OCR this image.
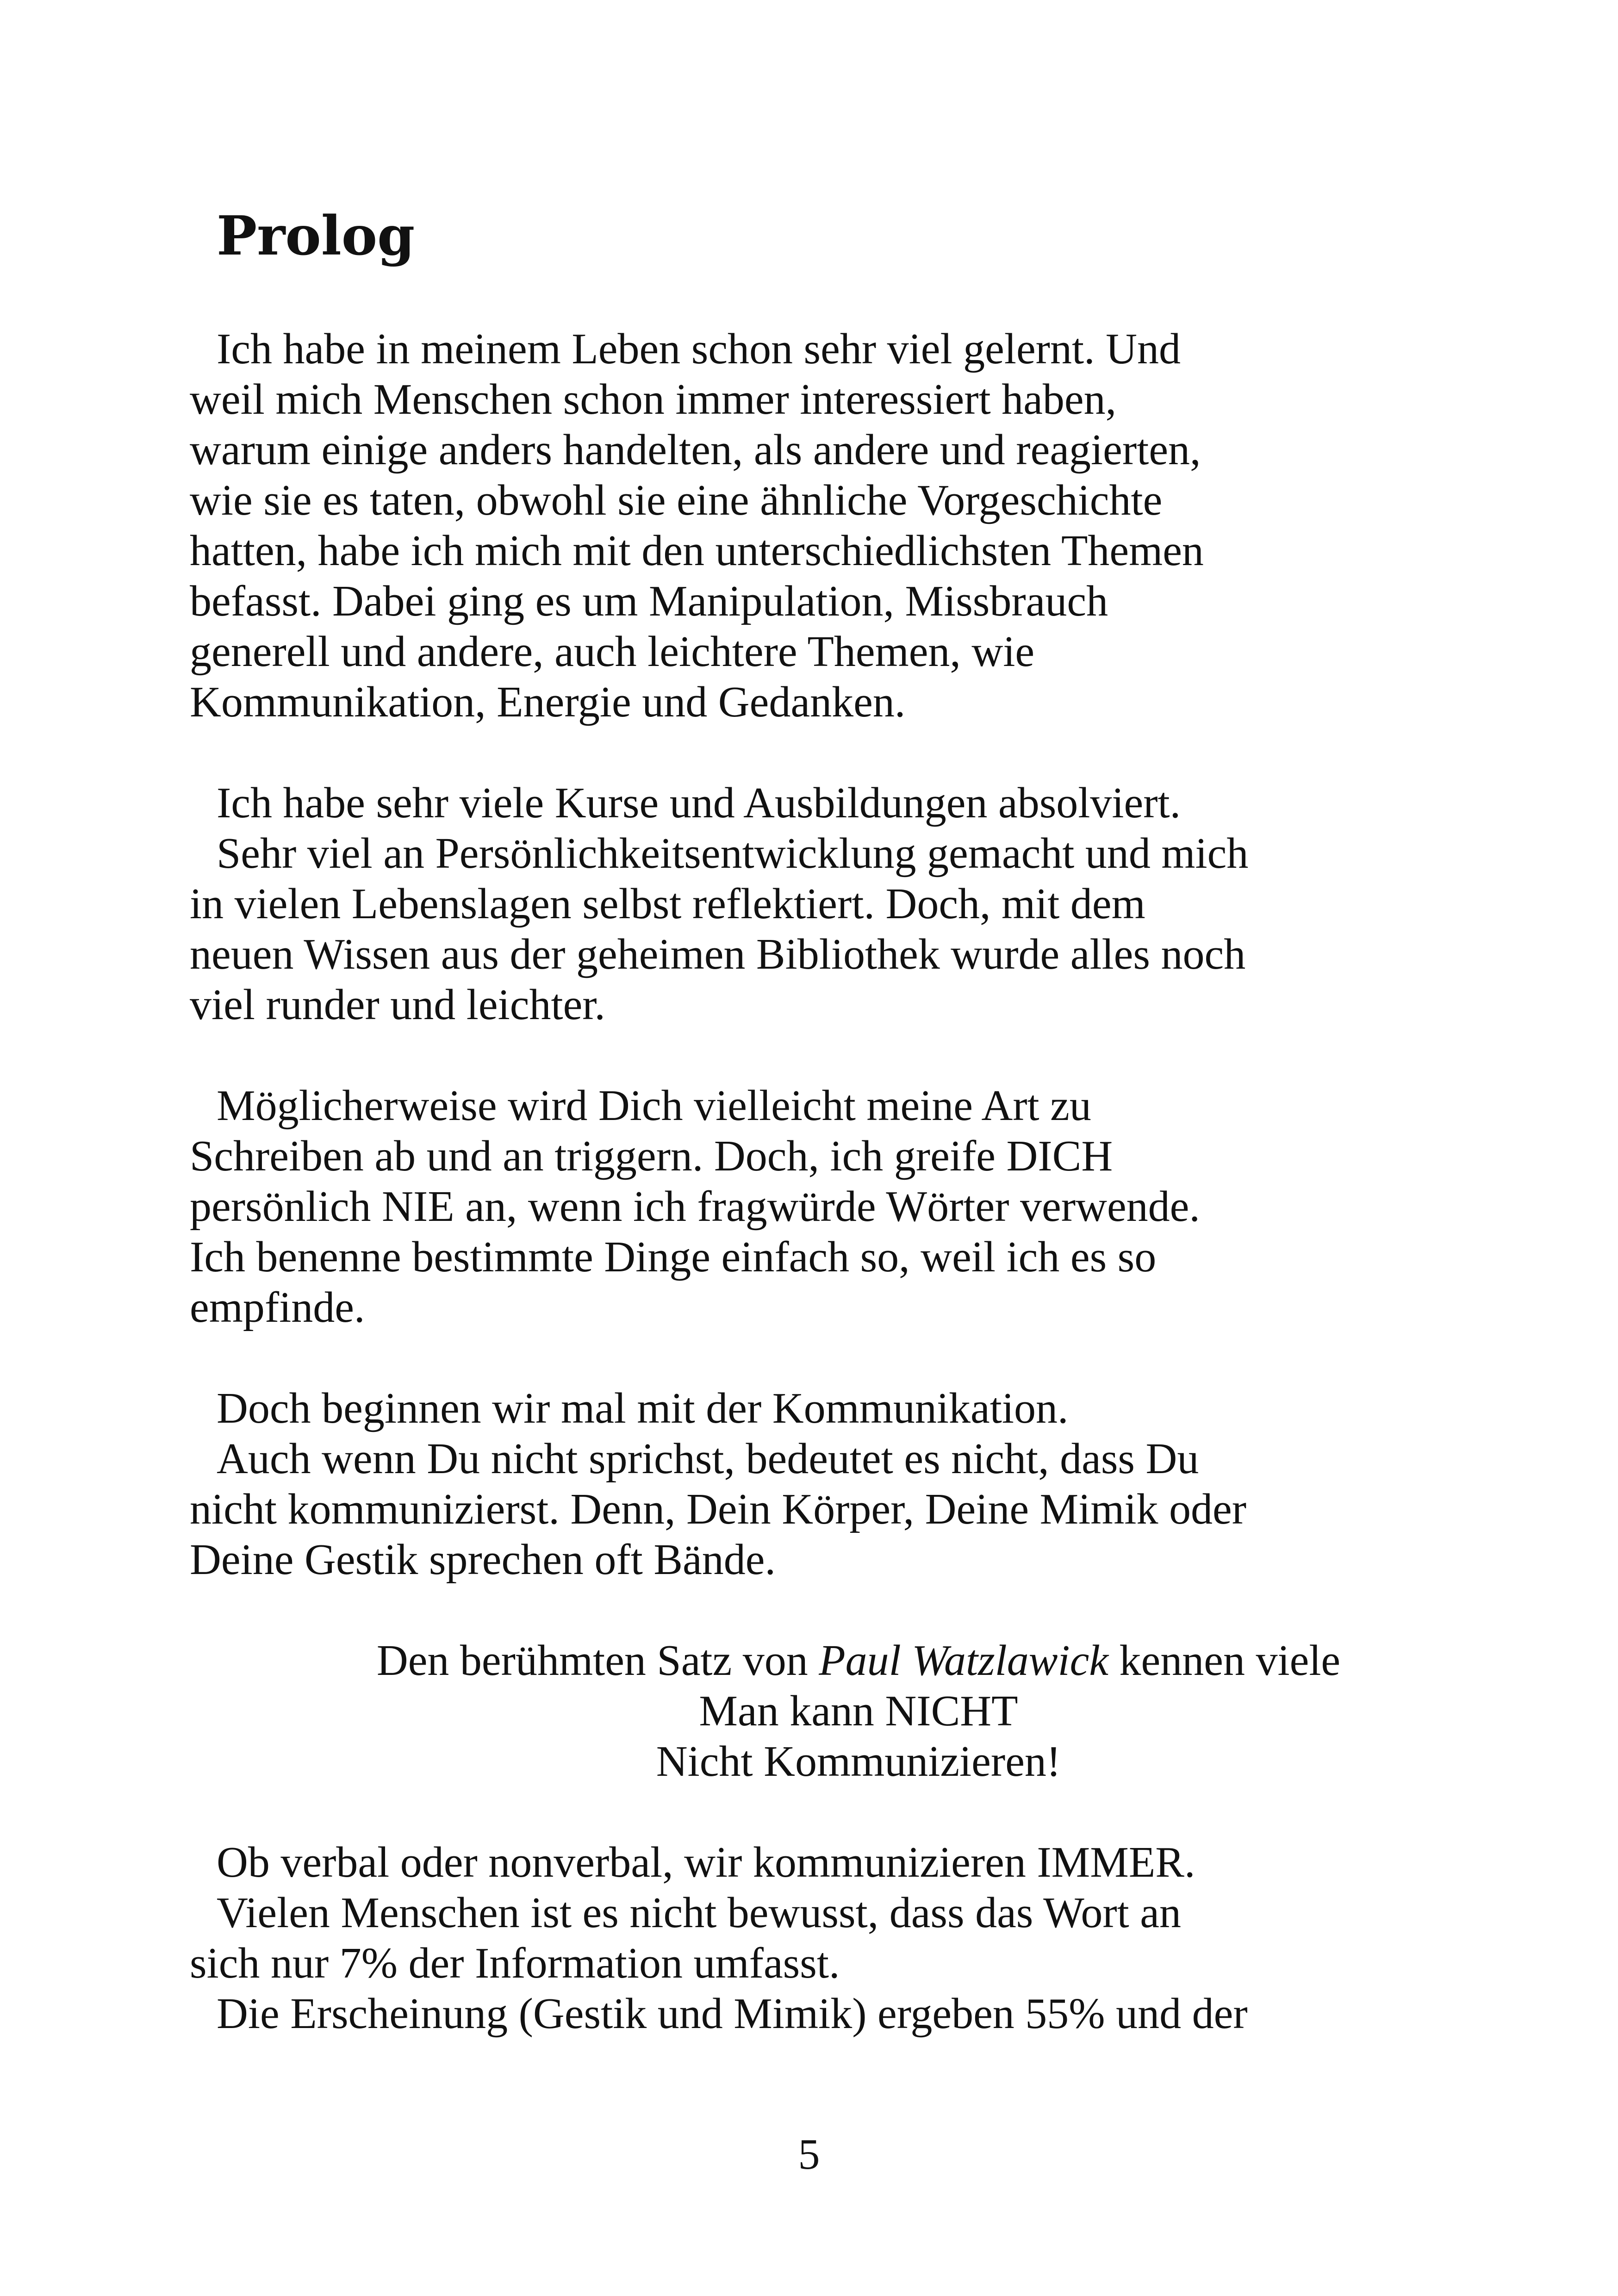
Prolog

Ich habe in meinem Leben schon sehr viel gelernt. Und
weil mich Menschen schon immer interessiert haben,
warum einige anders handelten, als andere und reagierten,
wie sie es taten, obwohl sie eine ähnliche Vorgeschichte
hatten, habe ich mich mit den unterschiedlichsten Themen
befasst. Dabei ging es um Manipulation, Missbrauch
generell und andere, auch leichtere Themen, wie
Kommunikation, Energie und Gedanken.

Ich habe sehr viele Kurse und Ausbildungen absolviert.
Sehr viel an Persönlichkeitsentwicklung gemacht und mich
in vielen Lebenslagen selbst reflektiert. Doch, mit dem
neuen Wissen aus der geheimen Bibliothek wurde alles noch
viel runder und leichter.

Möglicherweise wird Dich vielleicht meine Art zu
Schreiben ab und an triggern. Doch, ich greife DICH
persönlich NIE an, wenn ich fragwürde Wörter verwende.
Ich benenne bestimmte Dinge einfach so, weil ich es so
empfinde.

Doch beginnen wir mal mit der Kommunikation.
Auch wenn Du nicht sprichst, bedeutet es nicht, dass Du
nicht kommunizierst. Denn, Dein Körper, Deine Mimik oder
Deine Gestik sprechen oft Bände.

Den berühmten Satz von Paul Watzlawick kennen viele
Man kann NICHT
Nicht Kommunizieren!

Ob verbal oder nonverbal, wir kommunizieren IMMER.
Vielen Menschen ist es nicht bewusst, dass das Wort an
sich nur 7% der Information umfasst.
Die Erscheinung (Gestik und Mimik) ergeben 55% und der

5
